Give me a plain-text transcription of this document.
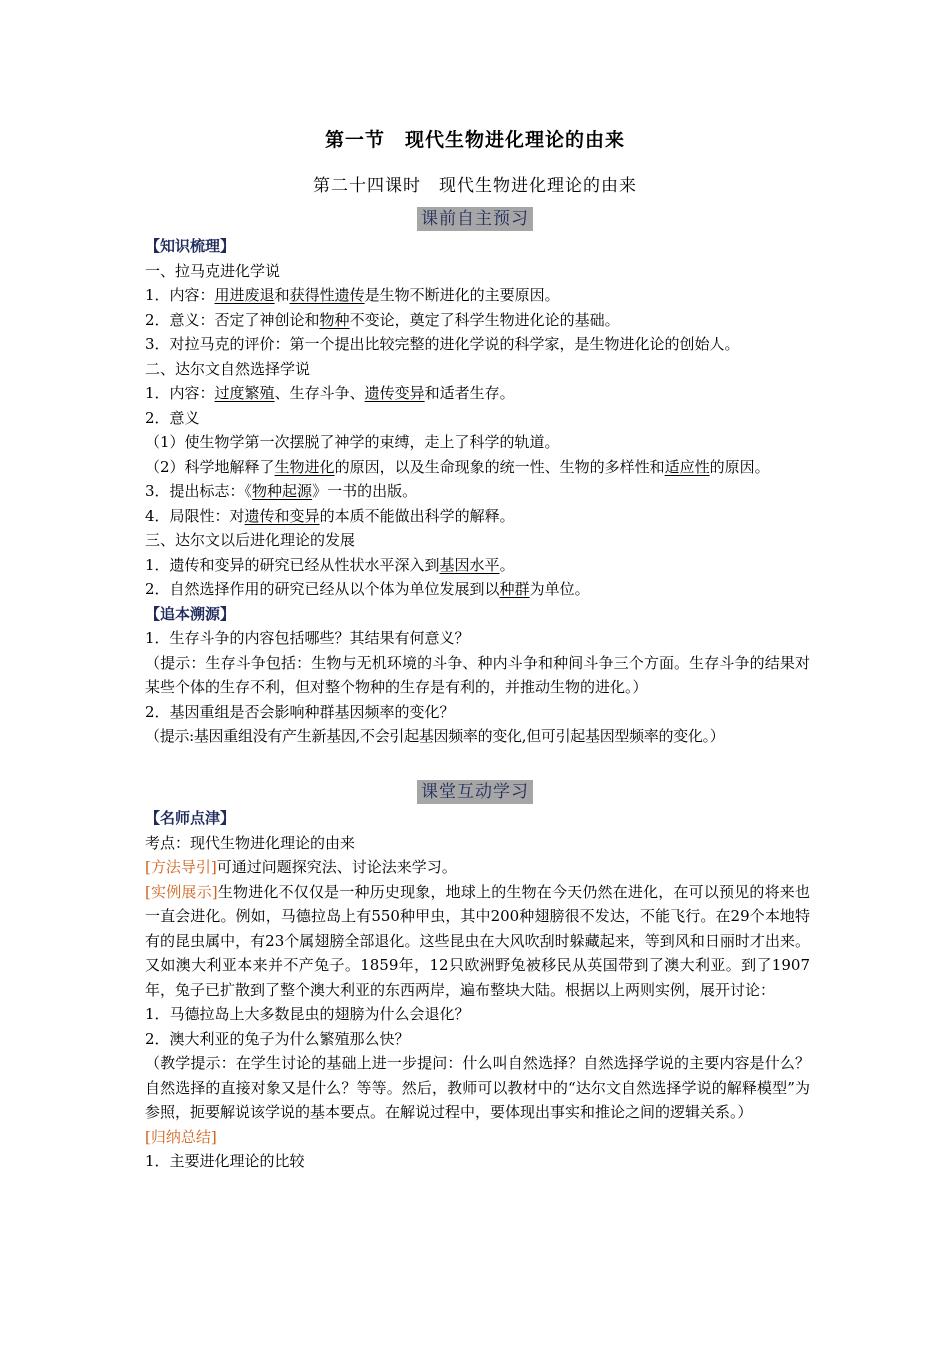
第一节　现代生物进化理论的由来
第二十四课时　现代生物进化理论的由来
课前自主预习

【知识梳理】

一、拉马克进化学说

1．内容：用进废退和获得性遗传是生物不断进化的主要原因。

2．意义：否定了神创论和物种不变论，奠定了科学生物进化论的基础。

3．对拉马克的评价：第一个提出比较完整的进化学说的科学家，是生物进化论的创始人。

二、达尔文自然选择学说

1．内容：过度繁殖、生存斗争、遗传变异和适者生存。

2．意义

（1）使生物学第一次摆脱了神学的束缚，走上了科学的轨道。

（2）科学地解释了生物进化的原因，以及生命现象的统一性、生物的多样性和适应性的原因。

3．提出标志：《物种起源》一书的出版。

4．局限性：对遗传和变异的本质不能做出科学的解释。

三、达尔文以后进化理论的发展

1．遗传和变异的研究已经从性状水平深入到基因水平。

2．自然选择作用的研究已经从以个体为单位发展到以种群为单位。

【追本溯源】

1．生存斗争的内容包括哪些？其结果有何意义？

（提示：生存斗争包括：生物与无机环境的斗争、种内斗争和种间斗争三个方面。生存斗争的结果对某些个体的生存不利，但对整个物种的生存是有利的，并推动生物的进化。）

2．基因重组是否会影响种群基因频率的变化？

（提示:基因重组没有产生新基因,不会引起基因频率的变化,但可引起基因型频率的变化。）

课堂互动学习

【名师点津】

考点：现代生物进化理论的由来

[方法导引]可通过问题探究法、讨论法来学习。

[实例展示]生物进化不仅仅是一种历史现象，地球上的生物在今天仍然在进化，在可以预见的将来也一直会进化。例如，马德拉岛上有550种甲虫，其中200种翅膀很不发达，不能飞行。在29个本地特有的昆虫属中，有23个属翅膀全部退化。这些昆虫在大风吹刮时躲藏起来，等到风和日丽时才出来。又如澳大利亚本来并不产兔子。1859年，12只欧洲野兔被移民从英国带到了澳大利亚。到了1907年，兔子已扩散到了整个澳大利亚的东西两岸，遍布整块大陆。根据以上两则实例，展开讨论：

1．马德拉岛上大多数昆虫的翅膀为什么会退化？

2．澳大利亚的兔子为什么繁殖那么快？

（教学提示：在学生讨论的基础上进一步提问：什么叫自然选择？自然选择学说的主要内容是什么？自然选择的直接对象又是什么？等等。然后，教师可以教材中的“达尔文自然选择学说的解释模型”为参照，扼要解说该学说的基本要点。在解说过程中，要体现出事实和推论之间的逻辑关系。）

[归纳总结]

1．主要进化理论的比较
